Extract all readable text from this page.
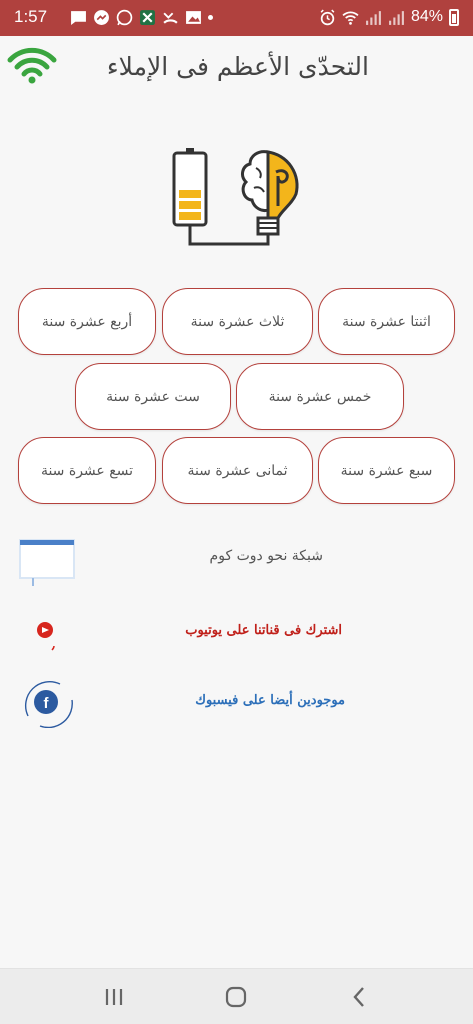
1:57	84%
التحدّى الأعظم فى الإملاء
اثنتا عشرة سنة
ثلاث عشرة سنة
أربع عشرة سنة
خمس عشرة سنة
ست عشرة سنة
سبع عشرة سنة
ثمانى عشرة سنة
تسع عشرة سنة
شبكة نحو دوت كوم
اشترك فى قناتنا على يوتيوب
f	موجودين أيضا على فيسبوك
